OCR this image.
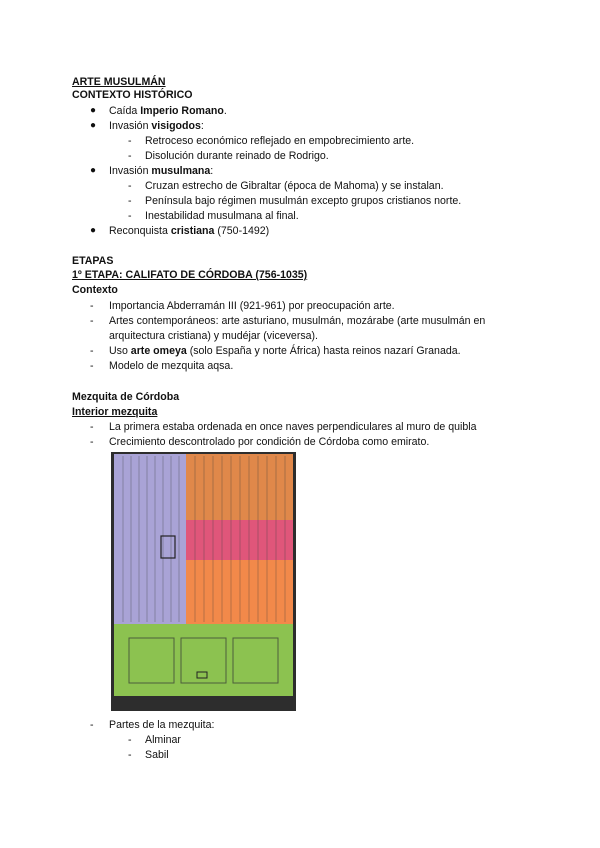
ARTE MUSULMÁN
CONTEXTO HISTÓRICO
● Caída Imperio Romano.
● Invasión visigodos:
- Retroceso económico reflejado en empobrecimiento arte.
- Disolución durante reinado de Rodrigo.
● Invasión musulmana:
- Cruzan estrecho de Gibraltar (época de Mahoma) y se instalan.
- Península bajo régimen musulmán excepto grupos cristianos norte.
- Inestabilidad musulmana al final.
● Reconquista cristiana (750-1492)
ETAPAS
1º ETAPA: CALIFATO DE CÓRDOBA (756-1035)
Contexto
- Importancia Abderramán III (921-961) por preocupación arte.
- Artes contemporáneos: arte asturiano, musulmán, mozárabe (arte musulmán en
arquitectura cristiana) y mudéjar (viceversa).
- Uso arte omeya (solo España y norte África) hasta reinos nazarí Granada.
- Modelo de mezquita aqsa.
Mezquita de Córdoba
Interior mezquita
- La primera estaba ordenada en once naves perpendiculares al muro de quibla
- Crecimiento descontrolado por condición de Córdoba como emirato.
- Partes de la mezquita:
- Alminar
- Sabil
